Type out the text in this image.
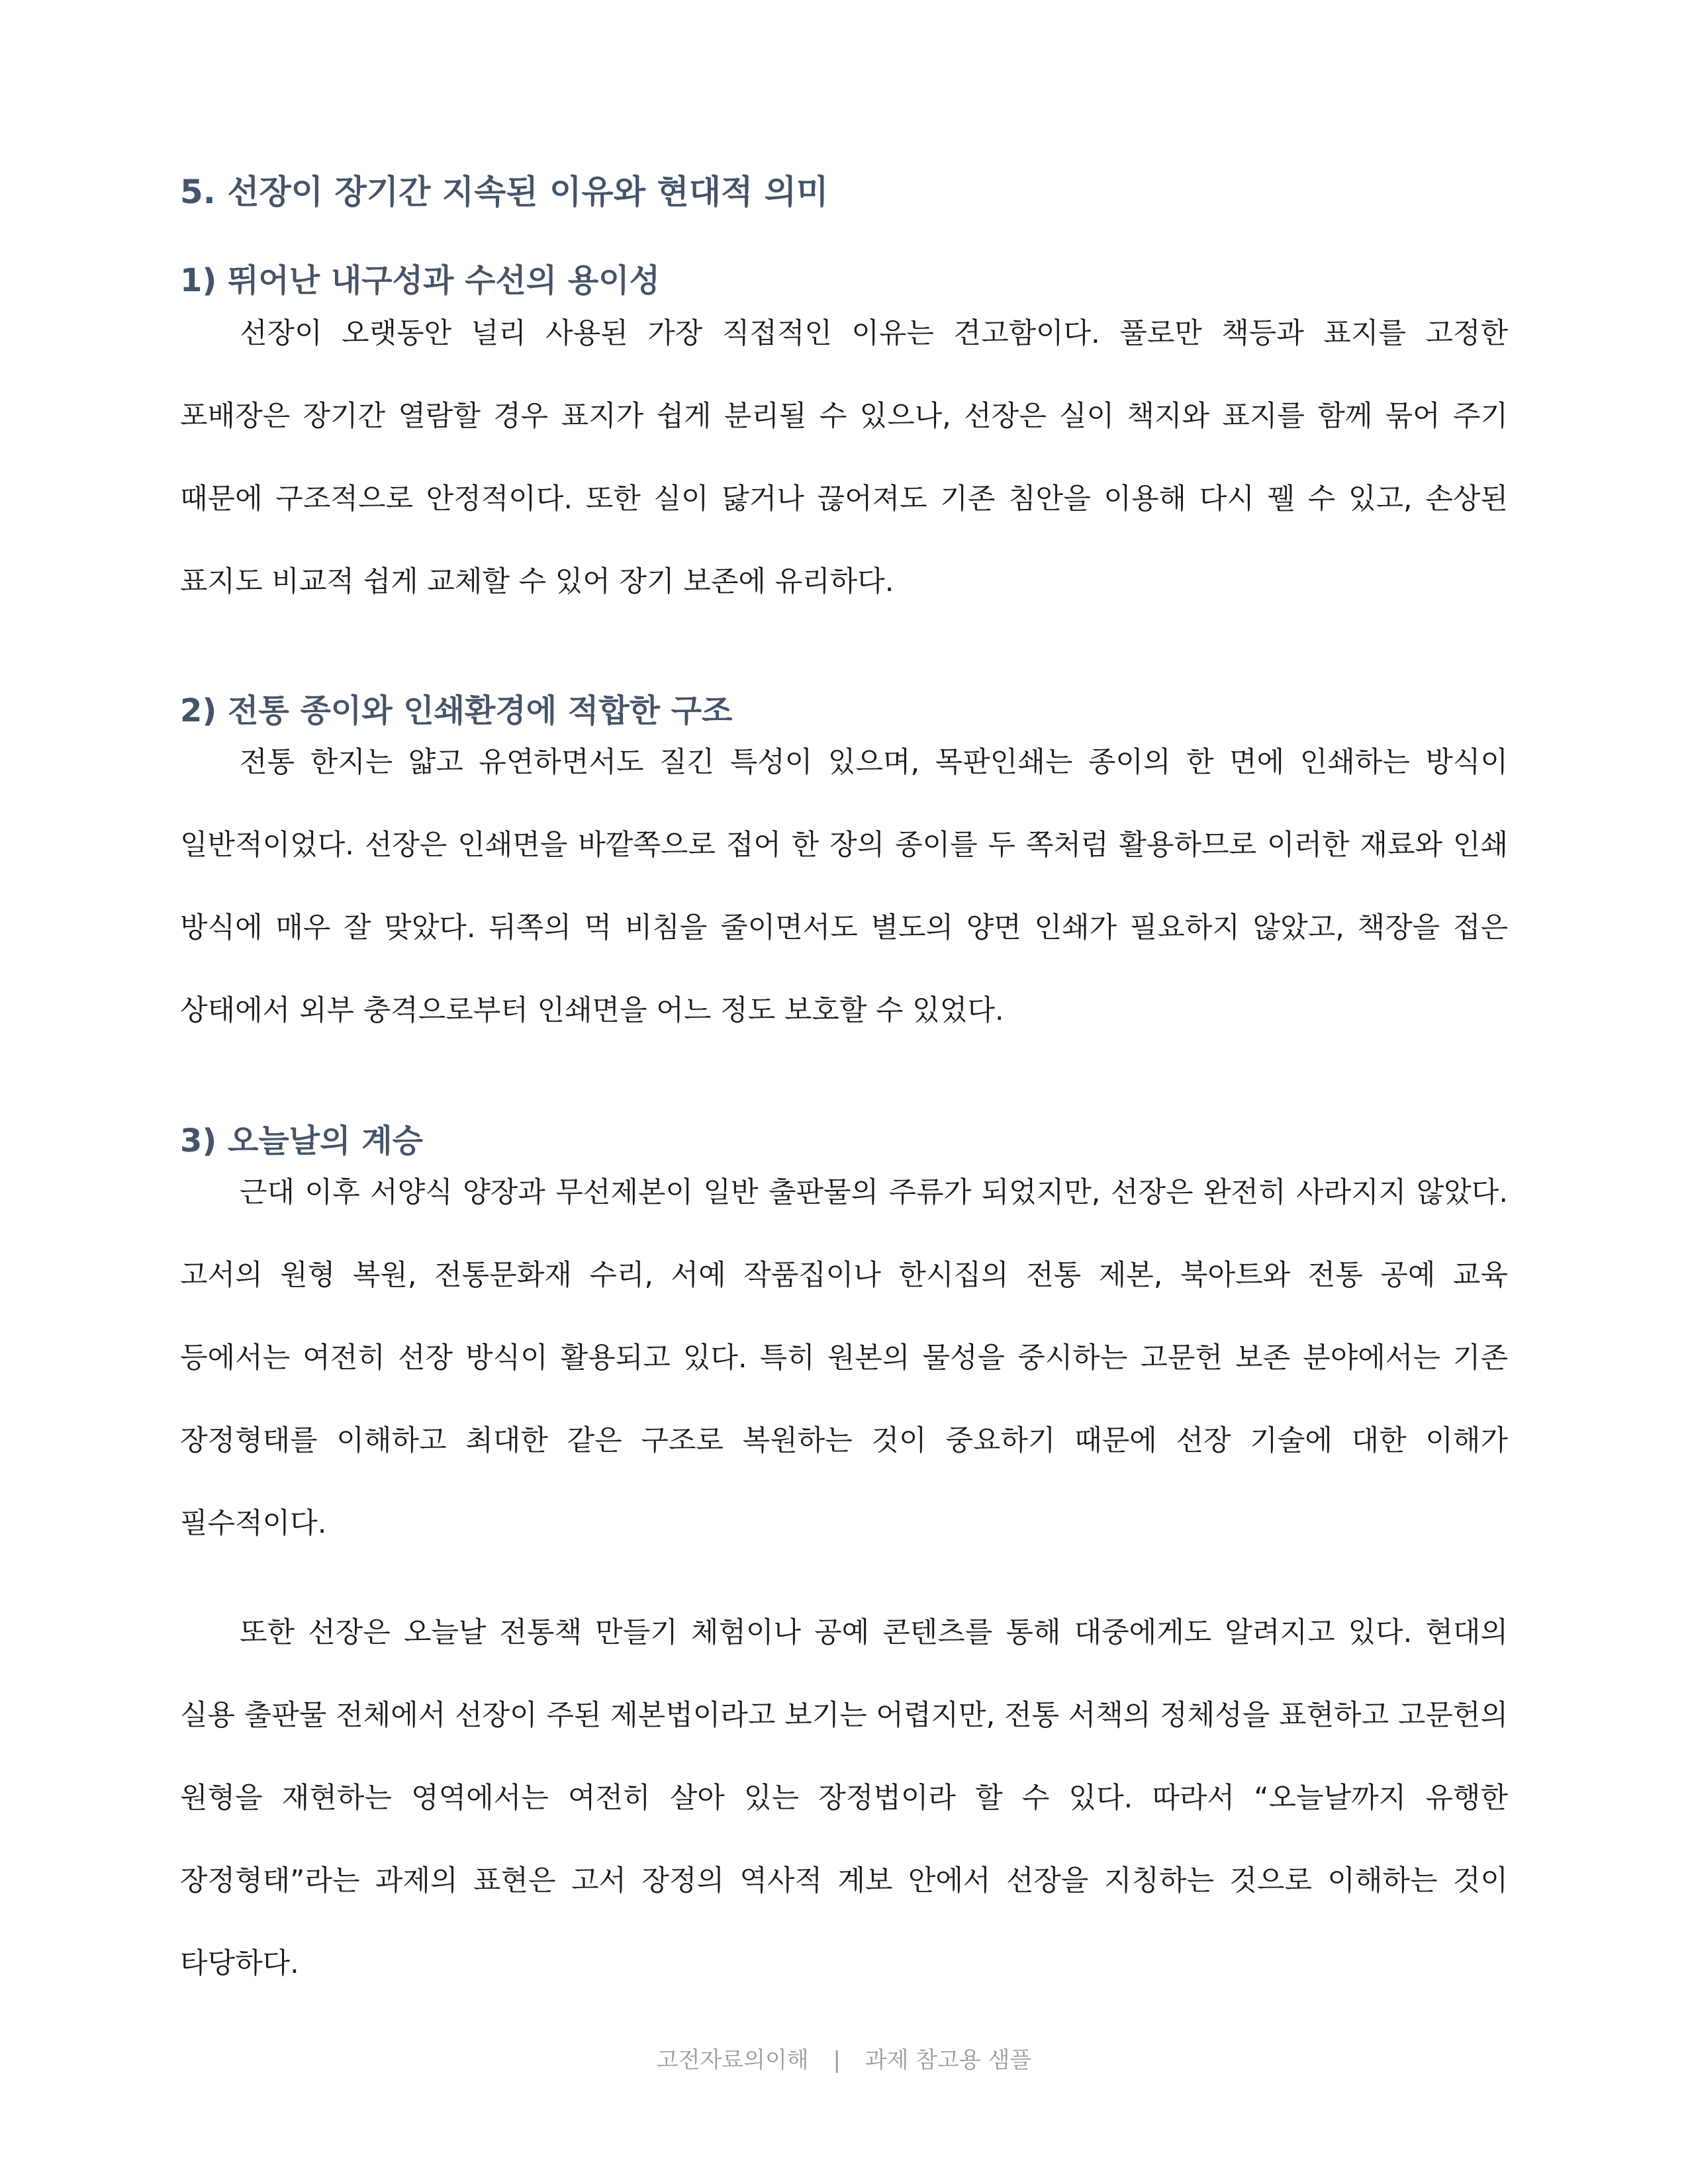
5. 선장이 장기간 지속된 이유와 현대적 의미
1) 뛰어난 내구성과 수선의 용이성

선장이 오랫동안 널리 사용된 가장 직접적인 이유는 견고함이다. 풀로만 책등과 표지를 고정한 포배장은 장기간 열람할 경우 표지가 쉽게 분리될 수 있으나, 선장은 실이 책지와 표지를 함께 묶어 주기 때문에 구조적으로 안정적이다. 또한 실이 닳거나 끊어져도 기존 침안을 이용해 다시 꿸 수 있고, 손상된 표지도 비교적 쉽게 교체할 수 있어 장기 보존에 유리하다.

2) 전통 종이와 인쇄환경에 적합한 구조

전통 한지는 얇고 유연하면서도 질긴 특성이 있으며, 목판인쇄는 종이의 한 면에 인쇄하는 방식이 일반적이었다. 선장은 인쇄면을 바깥쪽으로 접어 한 장의 종이를 두 쪽처럼 활용하므로 이러한 재료와 인쇄 방식에 매우 잘 맞았다. 뒤쪽의 먹 비침을 줄이면서도 별도의 양면 인쇄가 필요하지 않았고, 책장을 접은 상태에서 외부 충격으로부터 인쇄면을 어느 정도 보호할 수 있었다.

3) 오늘날의 계승

근대 이후 서양식 양장과 무선제본이 일반 출판물의 주류가 되었지만, 선장은 완전히 사라지지 않았다. 고서의 원형 복원, 전통문화재 수리, 서예 작품집이나 한시집의 전통 제본, 북아트와 전통 공예 교육 등에서는 여전히 선장 방식이 활용되고 있다. 특히 원본의 물성을 중시하는 고문헌 보존 분야에서는 기존 장정형태를 이해하고 최대한 같은 구조로 복원하는 것이 중요하기 때문에 선장 기술에 대한 이해가 필수적이다.

또한 선장은 오늘날 전통책 만들기 체험이나 공예 콘텐츠를 통해 대중에게도 알려지고 있다. 현대의 실용 출판물 전체에서 선장이 주된 제본법이라고 보기는 어렵지만, 전통 서책의 정체성을 표현하고 고문헌의 원형을 재현하는 영역에서는 여전히 살아 있는 장정법이라 할 수 있다. 따라서 “오늘날까지 유행한 장정형태”라는 과제의 표현은 고서 장정의 역사적 계보 안에서 선장을 지칭하는 것으로 이해하는 것이 타당하다.

고전자료의이해 | 과제 참고용 샘플
